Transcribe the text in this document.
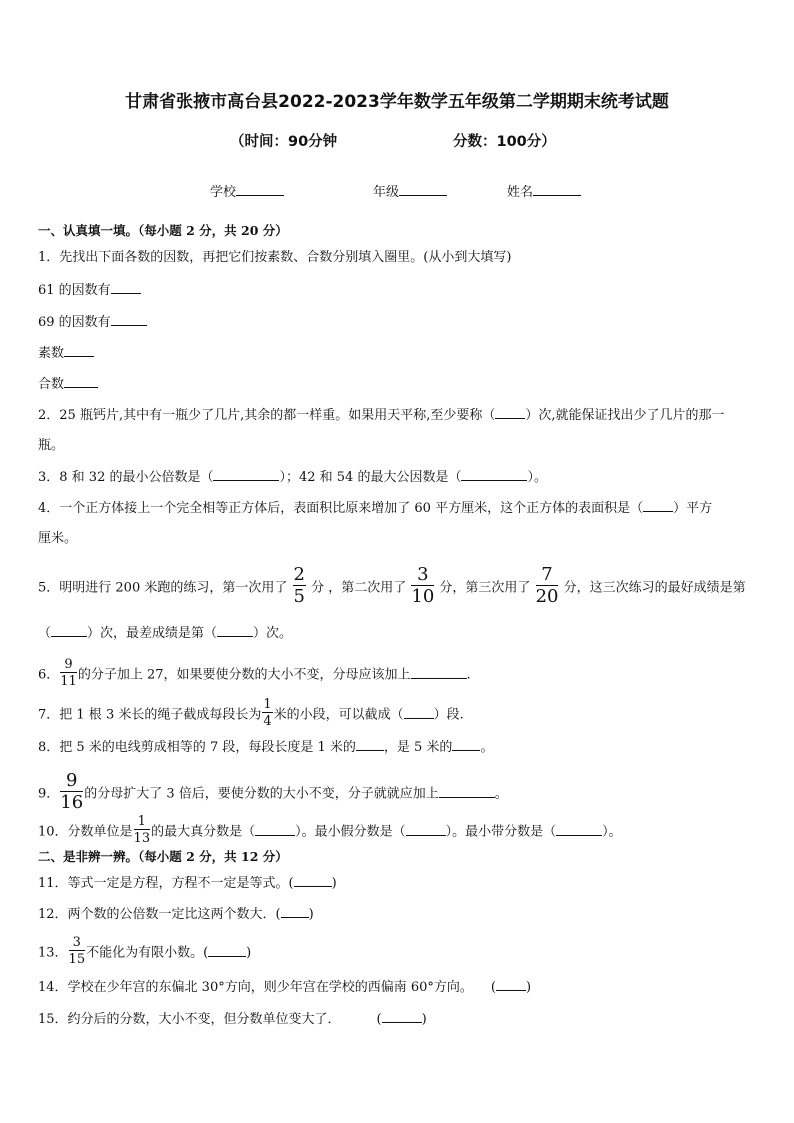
甘肃省张掖市高台县2022-2023学年数学五年级第二学期期末统考试题
（时间：90分钟	分数：100分）
学校	年级	姓名
一、认真填一填。（每小题 2 分，共 20 分）
1．先找出下面各数的因数，再把它们按素数、合数分别填入圈里。(从小到大填写)
61 的因数有
69 的因数有
素数
合数
2．25 瓶钙片,其中有一瓶少了几片,其余的都一样重。如果用天平称,至少要称（ ）次,就能保证找出少了几片的那一
瓶。
3．8 和 32 的最小公倍数是（	）；42 和 54 的最大公因数是（	）。
4．一个正方体接上一个完全相等正方体后，表面积比原来增加了 60 平方厘米，这个正方体的表面积是（ ）平方
厘米。
5．明明进行 200 米跑的练习，第一次用了 $\frac{2}{5}$ 分 ，第二次用了 $\frac{3}{10}$ 分，第三次用了 $\frac{7}{20}$ 分，这三次练习的最好成绩是第
（	）次，最差成绩是第（	）次。
6． $\frac{9}{11}$ 的分子加上 27，如果要使分数的大小不变，分母应该加上	.
7．把 1 根 3 米长的绳子截成每段长为 $\frac{1}{4}$ 米的小段，可以截成（ ）段.
8．把 5 米的电线剪成相等的 7 段，每段长度是 1 米的 ，是 5 米的 。
9． $\frac{9}{16}$ 的分母扩大了 3 倍后，要使分数的大小不变，分子就就应加上	。
10．分数单位是 $\frac{1}{13}$ 的最大真分数是（	）。最小假分数是（	）。最小带分数是（	）。
二、是非辨一辨。（每小题 2 分，共 12 分）
11．等式一定是方程，方程不一定是等式。(	)
12．两个数的公倍数一定比这两个数大．( )
13． $\frac{3}{15}$ 不能化为有限小数。(	)
14．学校在少年宫的东偏北 30°方向，则少年宫在学校的西偏南 60°方向。 ( )
15．约分后的分数，大小不变，但分数单位变大了．	(	)
